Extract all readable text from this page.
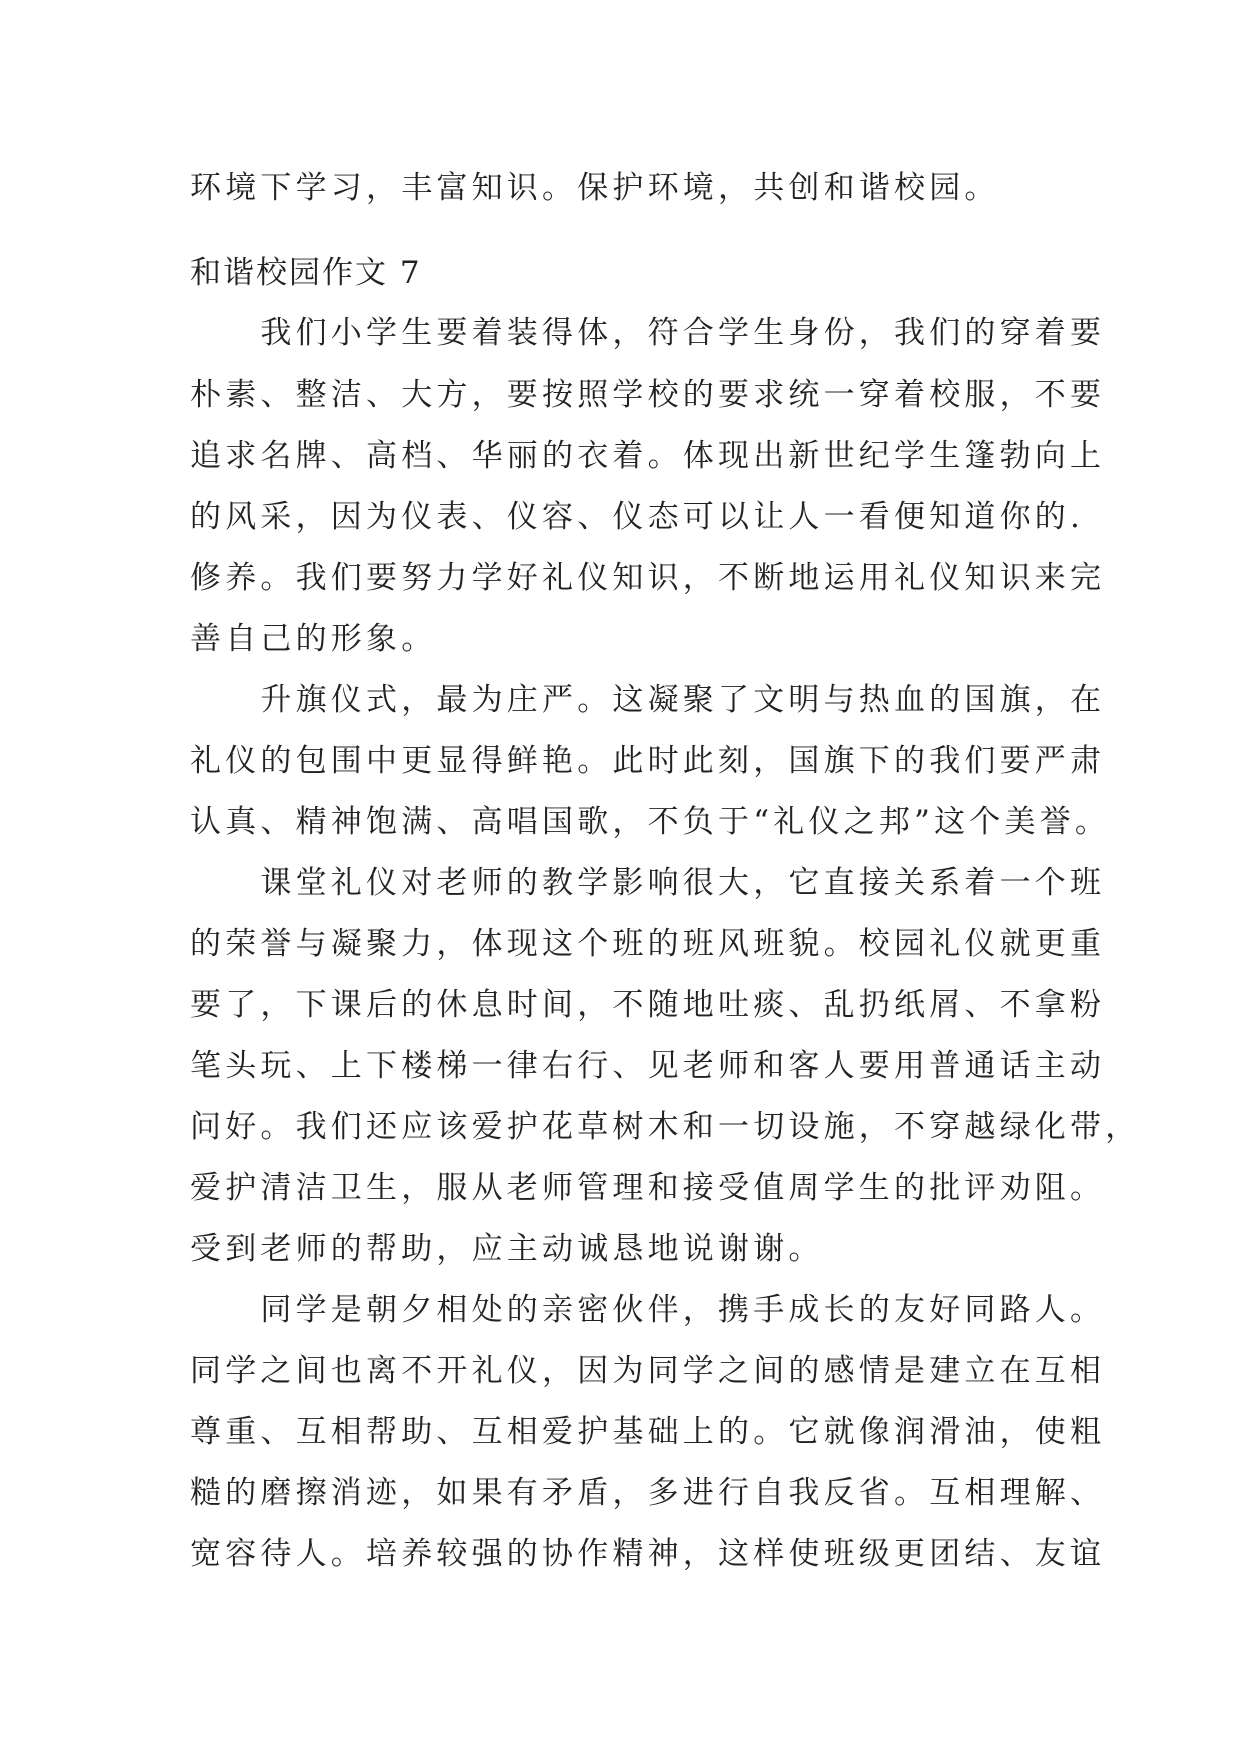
环境下学习，丰富知识。保护环境，共创和谐校园。
和谐校园作文 7
　　我们小学生要着装得体，符合学生身份，我们的穿着要
朴素、整洁、大方，要按照学校的要求统一穿着校服，不要
追求名牌、高档、华丽的衣着。体现出新世纪学生篷勃向上
的风采，因为仪表、仪容、仪态可以让人一看便知道你的.
修养。我们要努力学好礼仪知识，不断地运用礼仪知识来完
善自己的形象。
　　升旗仪式，最为庄严。这凝聚了文明与热血的国旗，在
礼仪的包围中更显得鲜艳。此时此刻，国旗下的我们要严肃
认真、精神饱满、高唱国歌，不负于“礼仪之邦”这个美誉。
　　课堂礼仪对老师的教学影响很大，它直接关系着一个班
的荣誉与凝聚力，体现这个班的班风班貌。校园礼仪就更重
要了，下课后的休息时间，不随地吐痰、乱扔纸屑、不拿粉
笔头玩、上下楼梯一律右行、见老师和客人要用普通话主动
问好。我们还应该爱护花草树木和一切设施，不穿越绿化带，
爱护清洁卫生，服从老师管理和接受值周学生的批评劝阻。
受到老师的帮助，应主动诚恳地说谢谢。
　　同学是朝夕相处的亲密伙伴，携手成长的友好同路人。
同学之间也离不开礼仪，因为同学之间的感情是建立在互相
尊重、互相帮助、互相爱护基础上的。它就像润滑油，使粗
糙的磨擦消迹，如果有矛盾，多进行自我反省。互相理解、
宽容待人。培养较强的协作精神，这样使班级更团结、友谊
